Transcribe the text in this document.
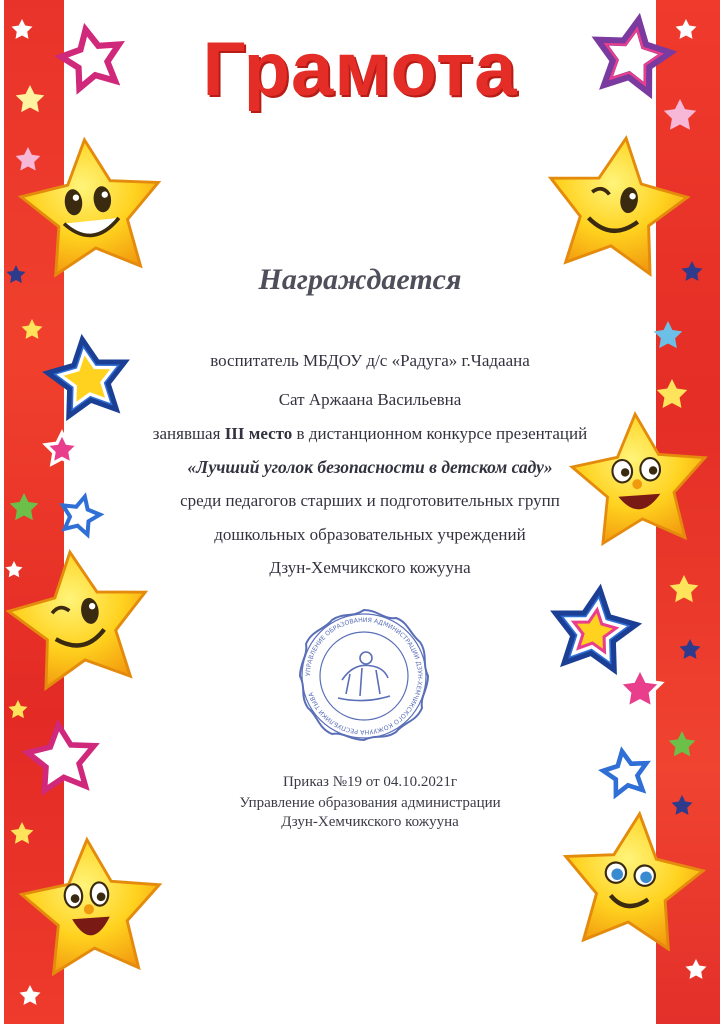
Грамота
Награждается
воспитатель МБДОУ д/с «Радуга» г.Чадаана
Сат Аржаана Васильевна
занявшая III место в дистанционном конкурсе презентаций
«Лучший уголок безопасности в детском саду»
среди педагогов старших и подготовительных групп
дошкольных образовательных учреждений
Дзун-Хемчикского кожууна
УПРАВЛЕНИЕ ОБРАЗОВАНИЯ АДМИНИСТРАЦИИ ДЗУН-ХЕМЧИКСКОГО КОЖУУНА РЕСПУБЛИКИ ТЫВА
Приказ №19 от 04.10.2021г
Управление образования администрации
Дзун-Хемчикского кожууна
